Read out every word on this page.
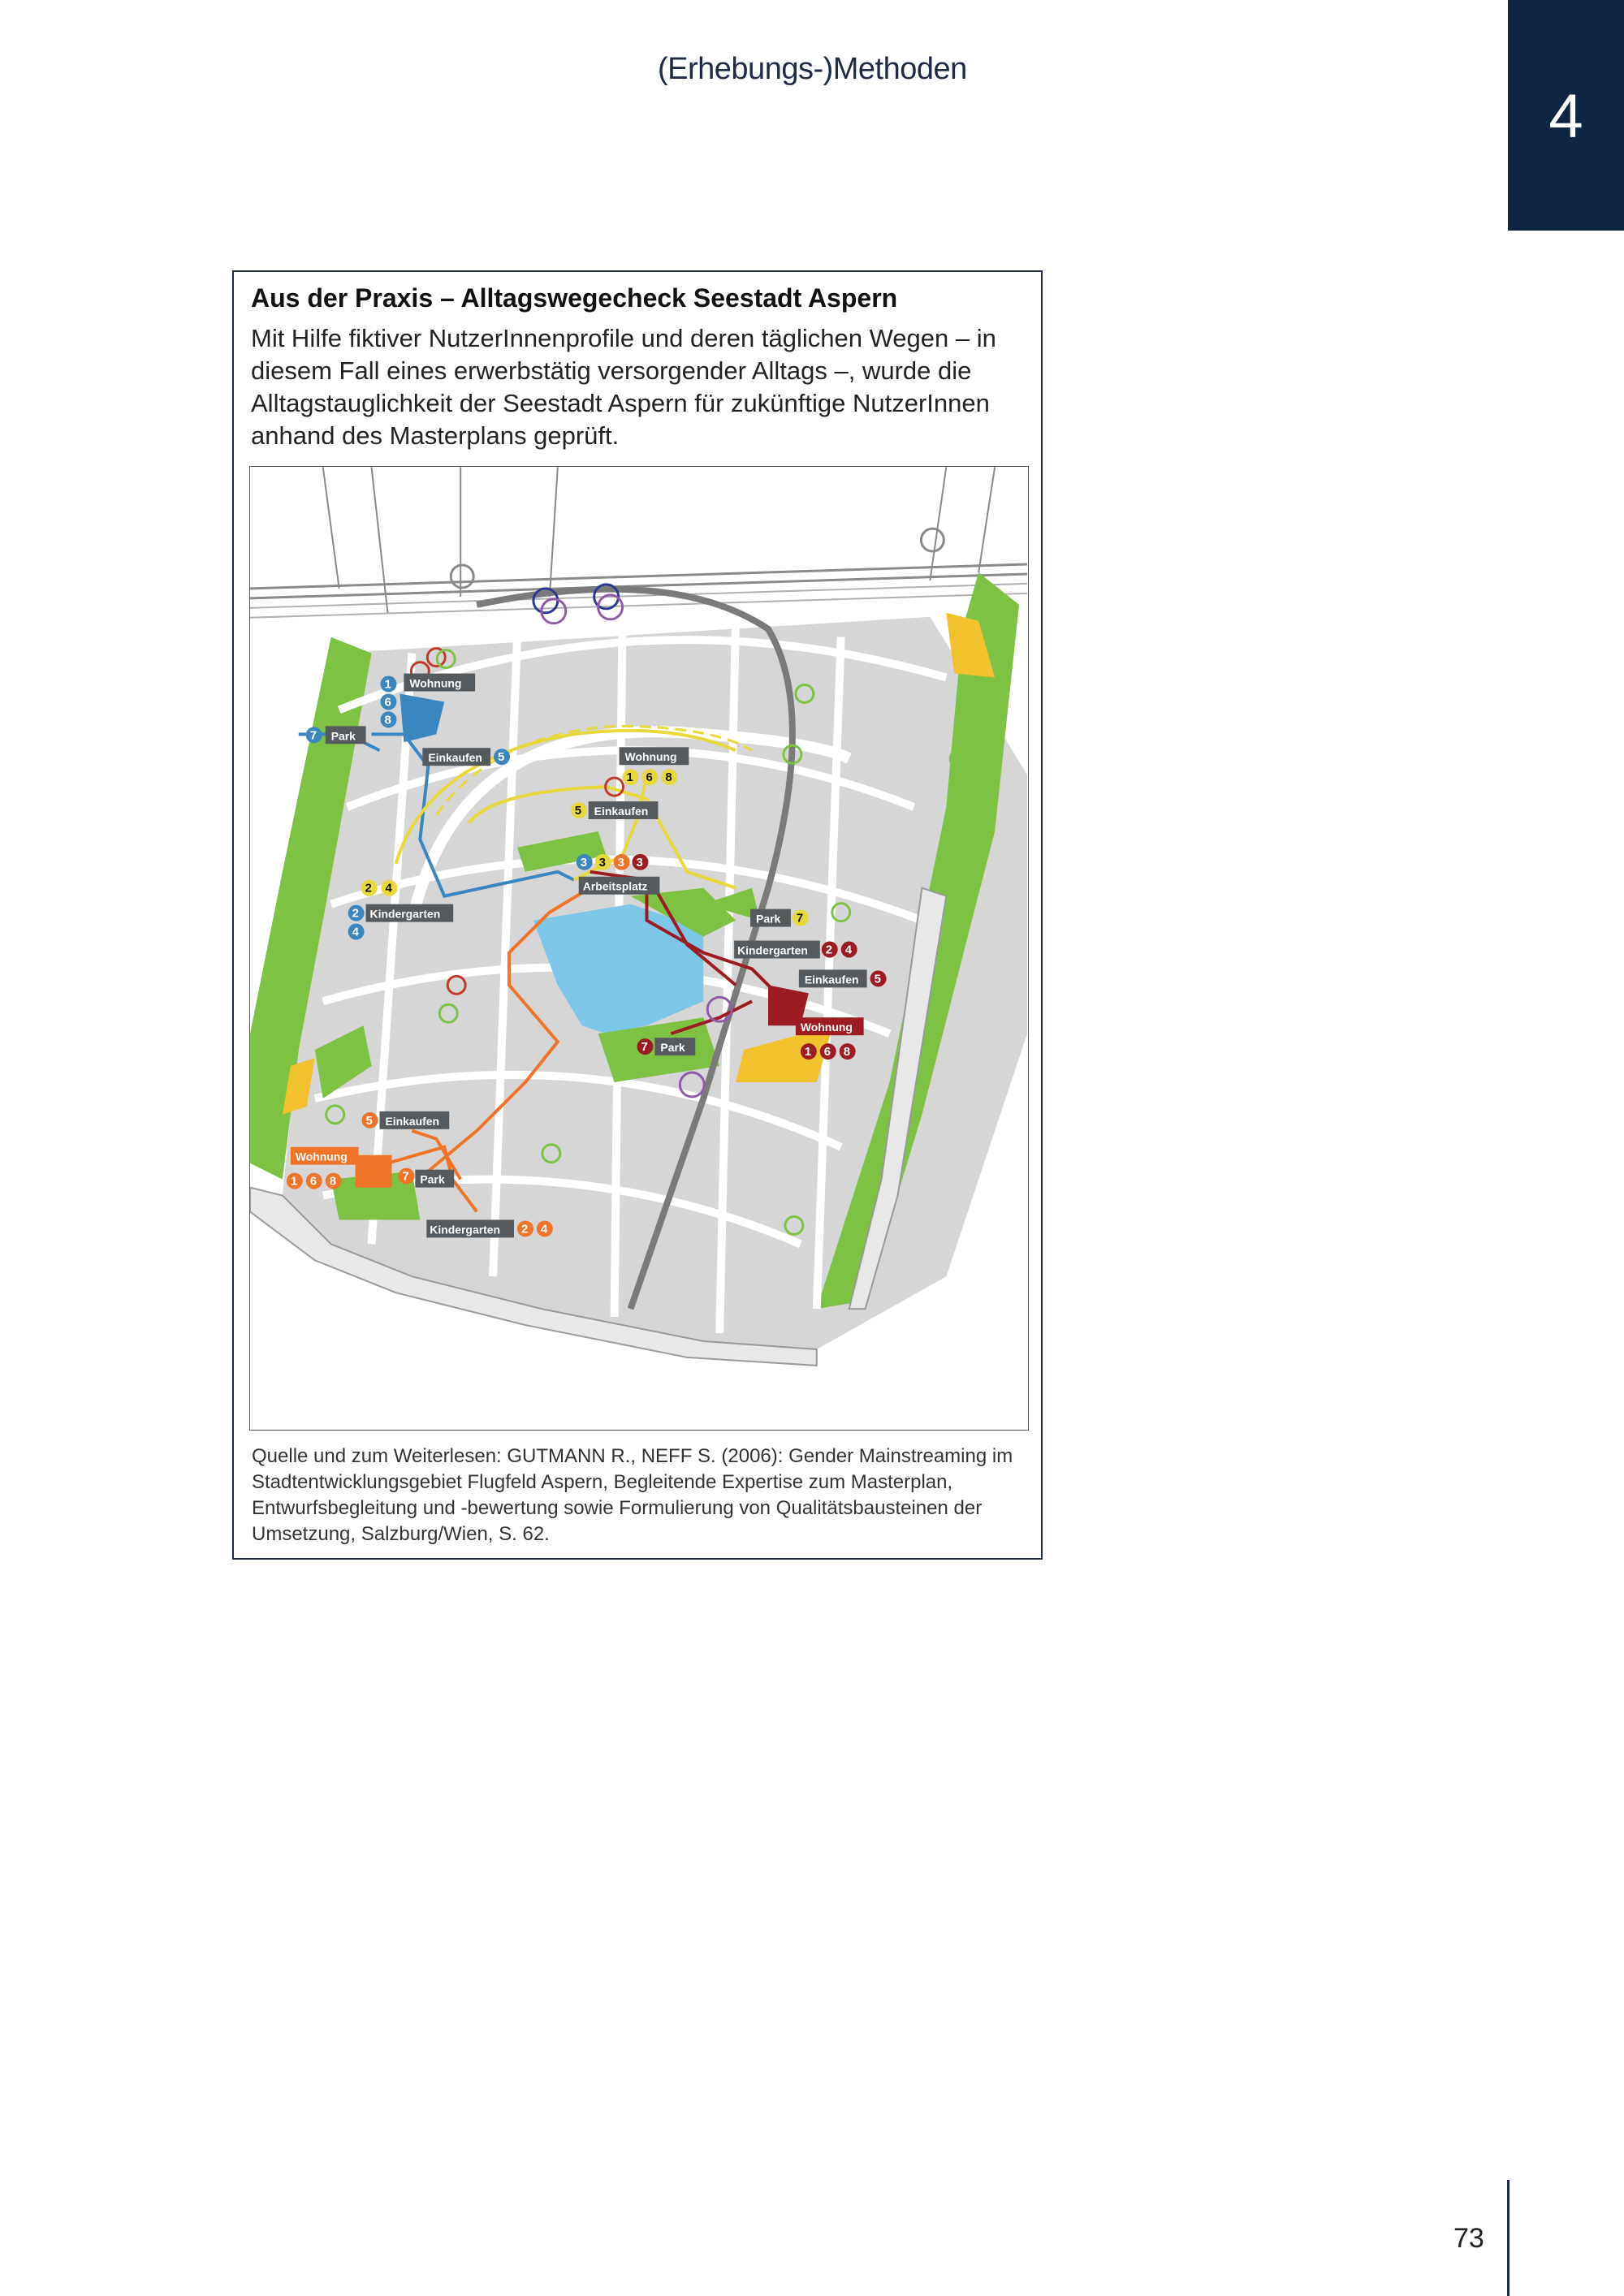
(Erhebungs-)Methoden
4
Aus der Praxis – Alltagswegecheck Seestadt Aspern
Mit Hilfe fiktiver NutzerInnenprofile und deren täglichen Wegen – in diesem Fall eines erwerbstätig versorgender Alltags –, wurde die Alltagstauglichkeit der Seestadt Aspern für zukünftige NutzerInnen anhand des Masterplans geprüft.
Wohnung
Park
Einkaufen
Kindergarten
Wohnung
Einkaufen
Park
Arbeitsplatz
Kindergarten
Einkaufen
Wohnung
Park
Einkaufen
Wohnung
Park
Kindergarten
1
6
8
7
5
2
4
3
2 4
1 6 8
5
7
3 3 3
2 4
5
1 6 8
7
5
1 6 8	7
2 4
Quelle und zum Weiterlesen: GUTMANN R., NEFF S. (2006): Gender Mainstreaming im Stadtentwicklungsgebiet Flugfeld Aspern, Begleitende Expertise zum Masterplan, Entwurfsbegleitung und -bewertung sowie Formulierung von Qualitätsbausteinen der Umsetzung, Salzburg/Wien, S. 62.
73
